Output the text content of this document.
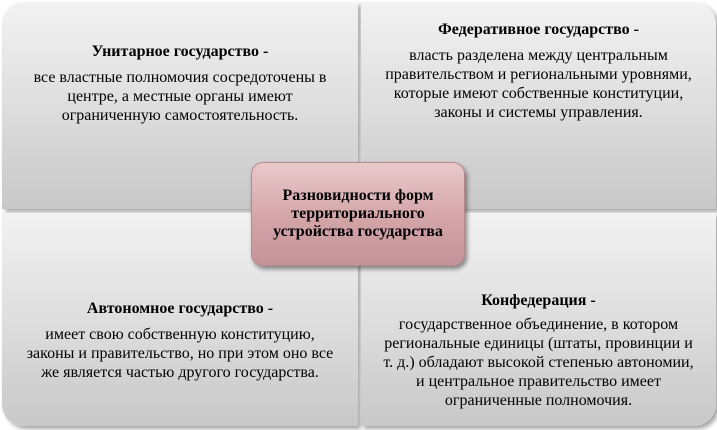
Унитарное государство -
все властные полномочия сосредоточены в центре, а местные органы имеют ограниченную самостоятельность.
Федеративное государство -
власть разделена между центральным правительством и региональными уровнями, которые имеют собственные конституции, законы и системы управления.
Автономное государство -
имеет свою собственную конституцию, законы и правительство, но при этом оно все же является частью другого государства.
Конфедерация -
государственное объединение, в котором региональные единицы (штаты, провинции и т. д.) обладают высокой степенью автономии, и центральное правительство имеет ограниченные полномочия.
Разновидности форм территориального устройства государства
